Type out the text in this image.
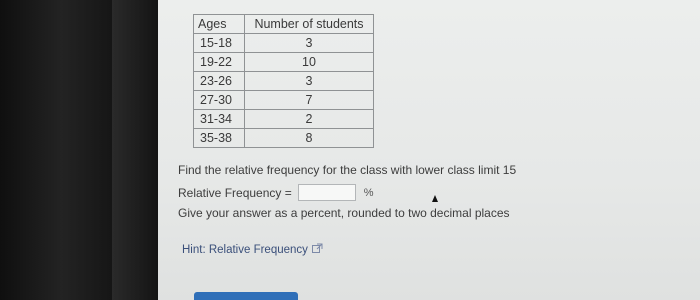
Ages	Number of students
15-18	3
19-22	10
23-26	3
27-30	7
31-34	2
35-38	8
Find the relative frequency for the class with lower class limit 15
Relative Frequency =	%
Give your answer as a percent, rounded to two decimal places
Hint: Relative Frequency
